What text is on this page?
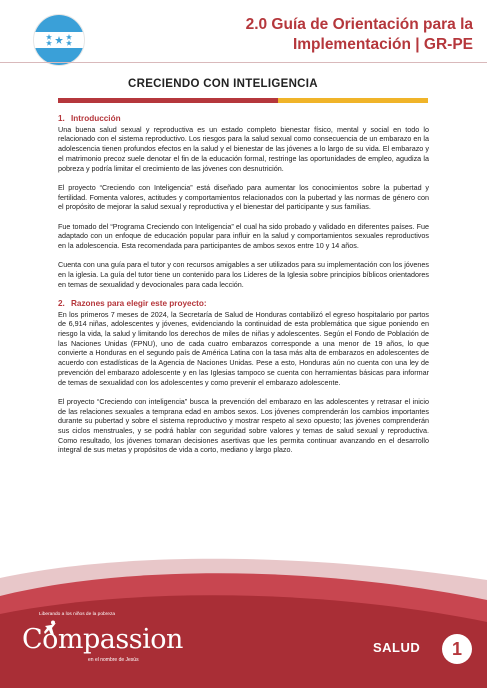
2.0 Guía de Orientación para la
Implementación | GR-PE
CRECIENDO CON INTELIGENCIA
1. Introducción

Una buena salud sexual y reproductiva es un estado completo bienestar físico, mental y social en todo lo relacionado con el sistema reproductivo. Los riesgos para la salud sexual como consecuencia de un embarazo en la adolescencia tienen profundos efectos en la salud y el bienestar de las jóvenes a lo largo de su vida. El embarazo y el matrimonio precoz suele denotar el fin de la educación formal, restringe las oportunidades de empleo, agudiza la pobreza y podría limitar el crecimiento de las jóvenes con desnutrición.

El proyecto “Creciendo con Inteligencia” está diseñado para aumentar los conocimientos sobre la pubertad y fertilidad. Fomenta valores, actitudes y comportamientos relacionados con la pubertad y las normas de género con el propósito de mejorar la salud sexual y reproductiva y el bienestar del participante y sus familias.

Fue tomado del “Programa Creciendo con Inteligencia” el cual ha sido probado y validado en diferentes países. Fue adaptado con un enfoque de educación popular para influir en la salud y comportamientos sexuales reproductivos en la adolescencia. Esta recomendada para participantes de ambos sexos entre 10 y 14 años.

Cuenta con una guía para el tutor y con recursos amigables a ser utilizados para su implementación con los jóvenes en la iglesia. La guía del tutor tiene un contenido para los Lideres de la Iglesia sobre principios bíblicos orientadores en temas de sexualidad y devocionales para cada lección.

2. Razones para elegir este proyecto:

En los primeros 7 meses de 2024, la Secretaría de Salud de Honduras contabilizó el egreso hospitalario por partos de 6,914 niñas, adolescentes y jóvenes, evidenciando la continuidad de esta problemática que sigue poniendo en riesgo la vida, la salud y limitando los derechos de miles de niñas y adolescentes. Según el Fondo de Población de las Naciones Unidas (FPNU), uno de cada cuatro embarazos corresponde a una menor de 19 años, lo que convierte a Honduras en el segundo país de América Latina con la tasa más alta de embarazos en adolescentes de acuerdo con estadísticas de la Agencia de Naciones Unidas. Pese a esto, Honduras aún no cuenta con una ley de prevención del embarazo adolescente y en las Iglesias tampoco se cuenta con herramientas básicas para informar de temas de sexualidad con los adolescentes y como prevenir el embarazo adolescente.

El proyecto “Creciendo con inteligencia” busca la prevención del embarazo en las adolescentes y retrasar el inicio de las relaciones sexuales a temprana edad en ambos sexos. Los jóvenes comprenderán los cambios importantes durante su pubertad y sobre el sistema reproductivo y mostrar respeto al sexo opuesto; las jóvenes comprenderán sus ciclos menstruales, y se podrá hablar con seguridad sobre valores y temas de salud sexual y reproductiva. Como resultado, los jóvenes tomaran decisiones asertivas que les permita continuar avanzando en el desarrollo integral de sus metas y propósitos de vida a corto, mediano y largo plazo.

Liberando a los niños de la pobreza
Compassion
en el nombre de Jesús
SALUD	1
